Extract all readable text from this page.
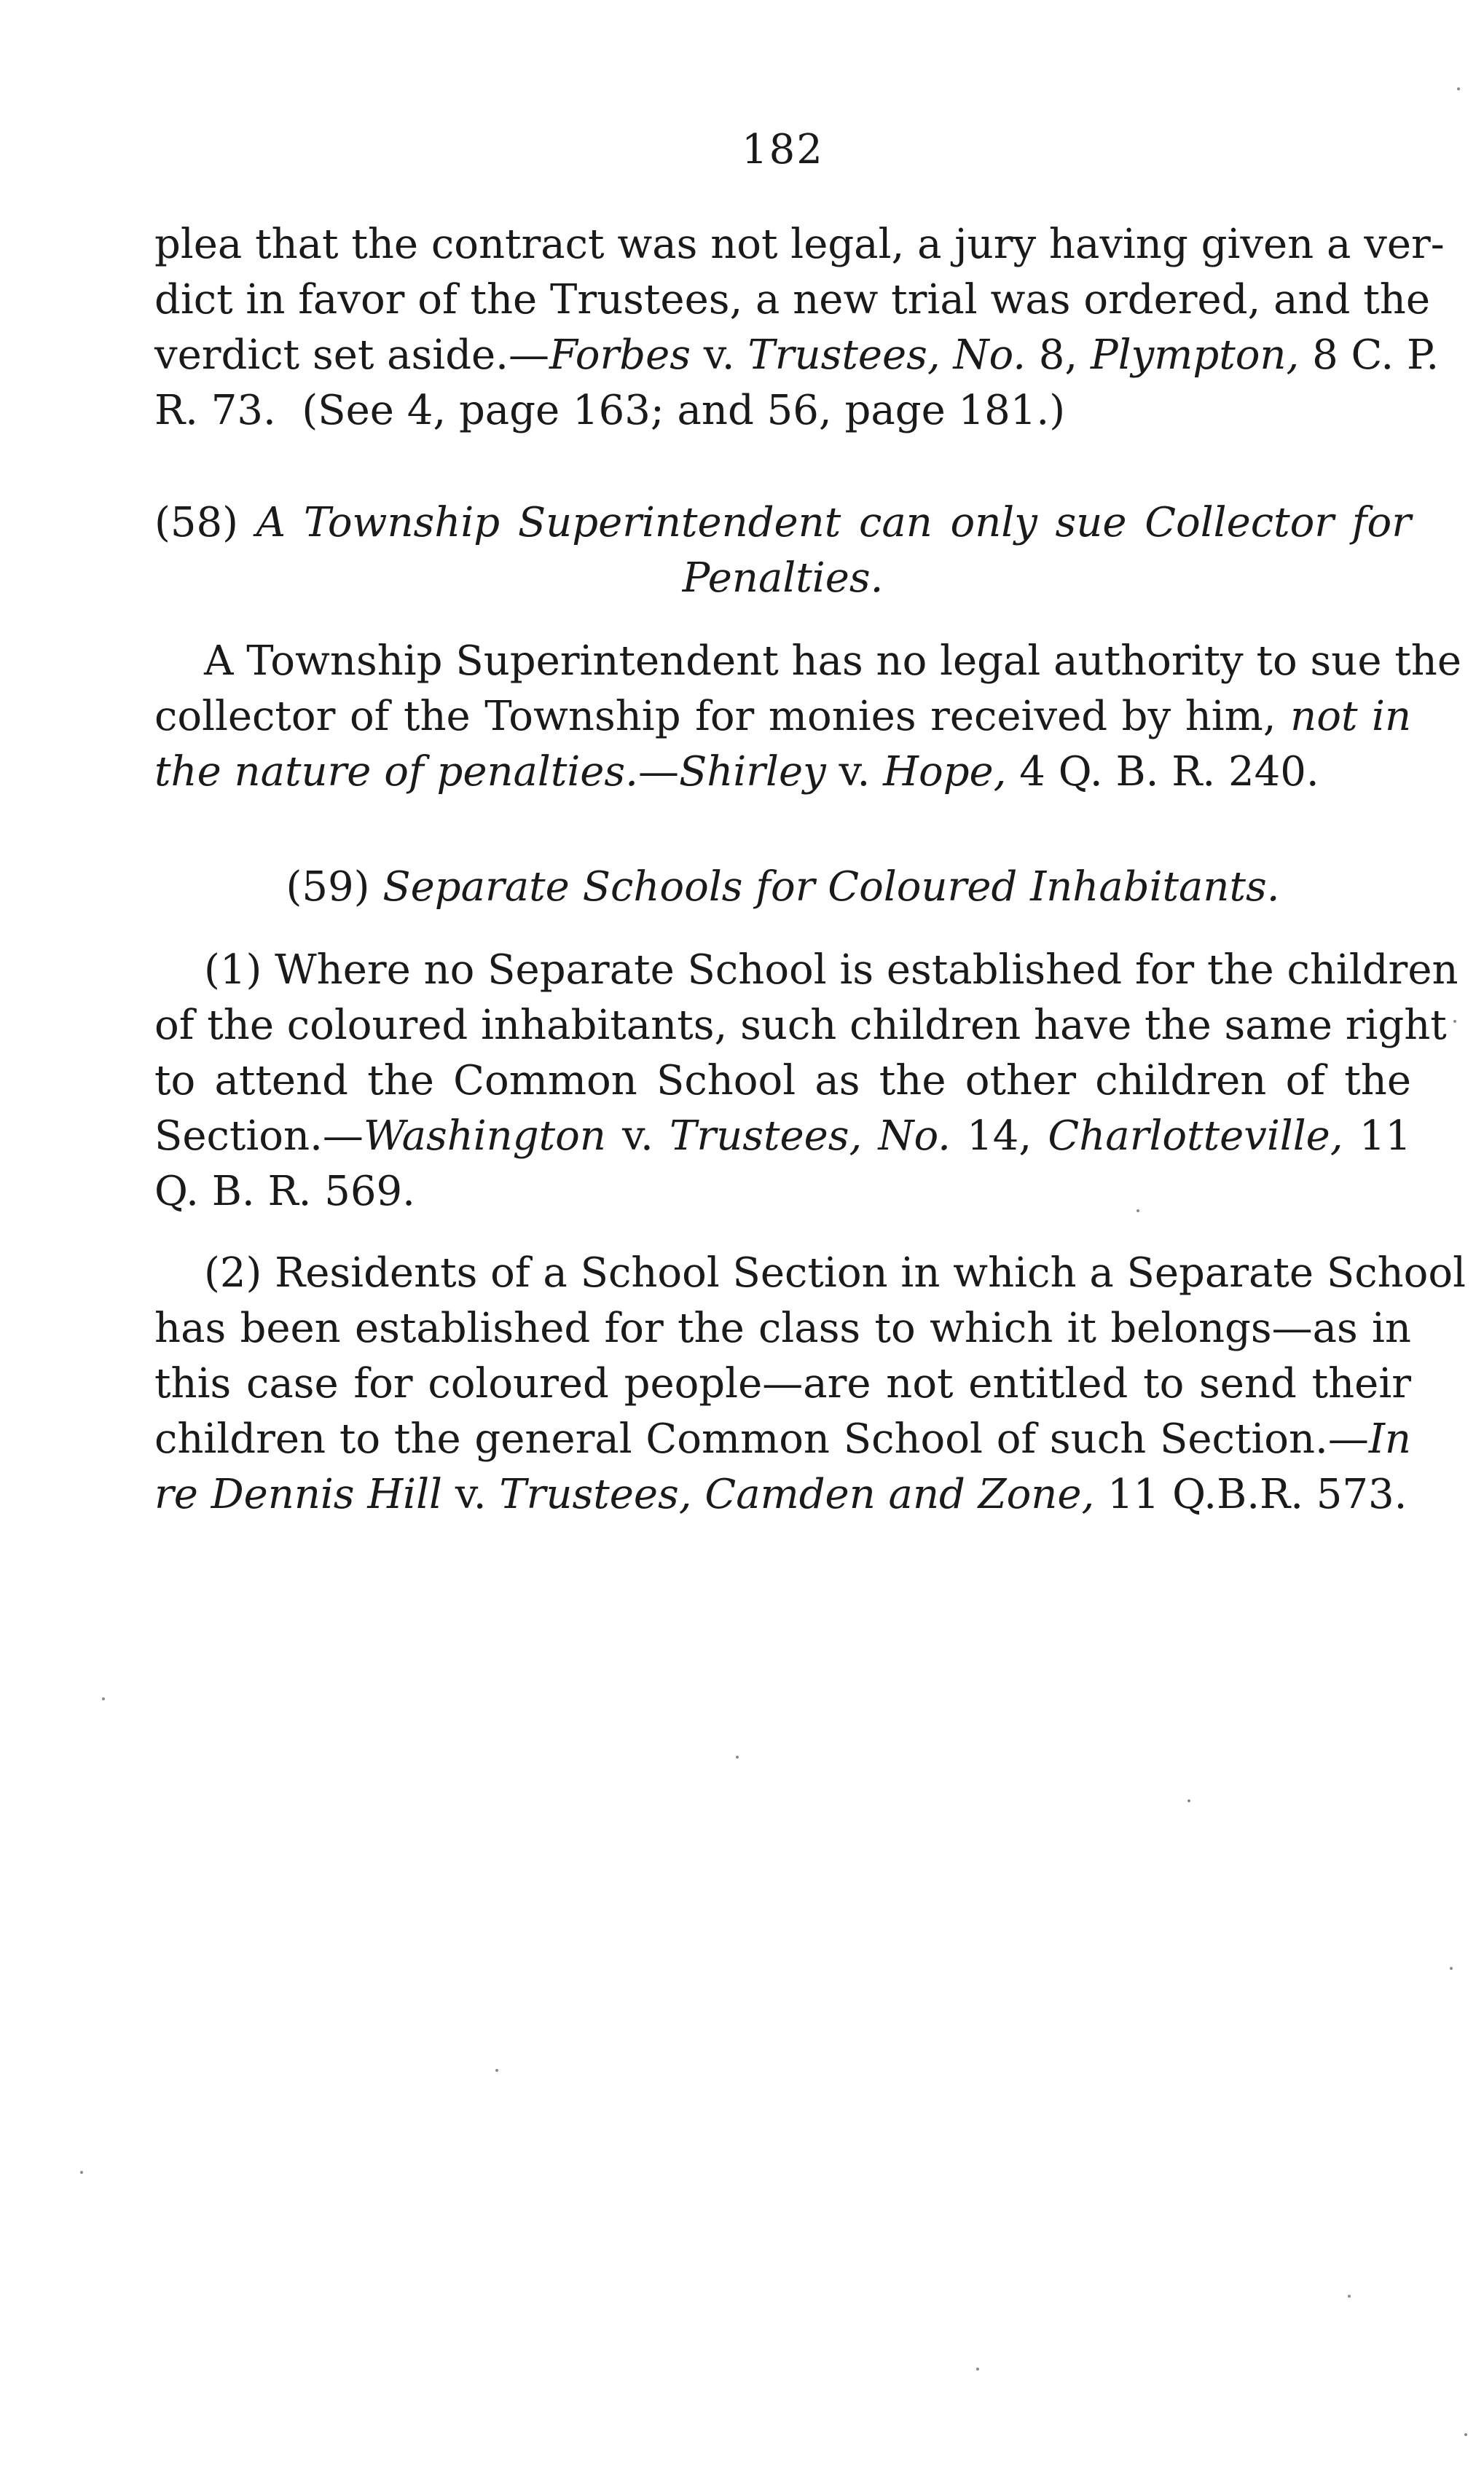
182
plea that the contract was not legal, a jury having given a ver-
dict in favor of the Trustees, a new trial was ordered, and the
verdict set aside.—Forbes v. Trustees, No. 8, Plympton, 8 C. P.
R. 73.  (See 4, page 163; and 56, page 181.)
(58) A Township Superintendent can only sue Collector for
Penalties.
A Township Superintendent has no legal authority to sue the
collector of the Township for monies received by him, not in
the nature of penalties.—Shirley v. Hope, 4 Q. B. R. 240.
(59) Separate Schools for Coloured Inhabitants.
(1) Where no Separate School is established for the children
of the coloured inhabitants, such children have the same right
to attend the Common School as the other children of the
Section.—Washington v. Trustees, No. 14, Charlotteville, 11
Q. B. R. 569.
(2) Residents of a School Section in which a Separate School
has been established for the class to which it belongs—as in
this case for coloured people—are not entitled to send their
children to the general Common School of such Section.—In
re Dennis Hill v. Trustees, Camden and Zone, 11 Q.B.R. 573.
